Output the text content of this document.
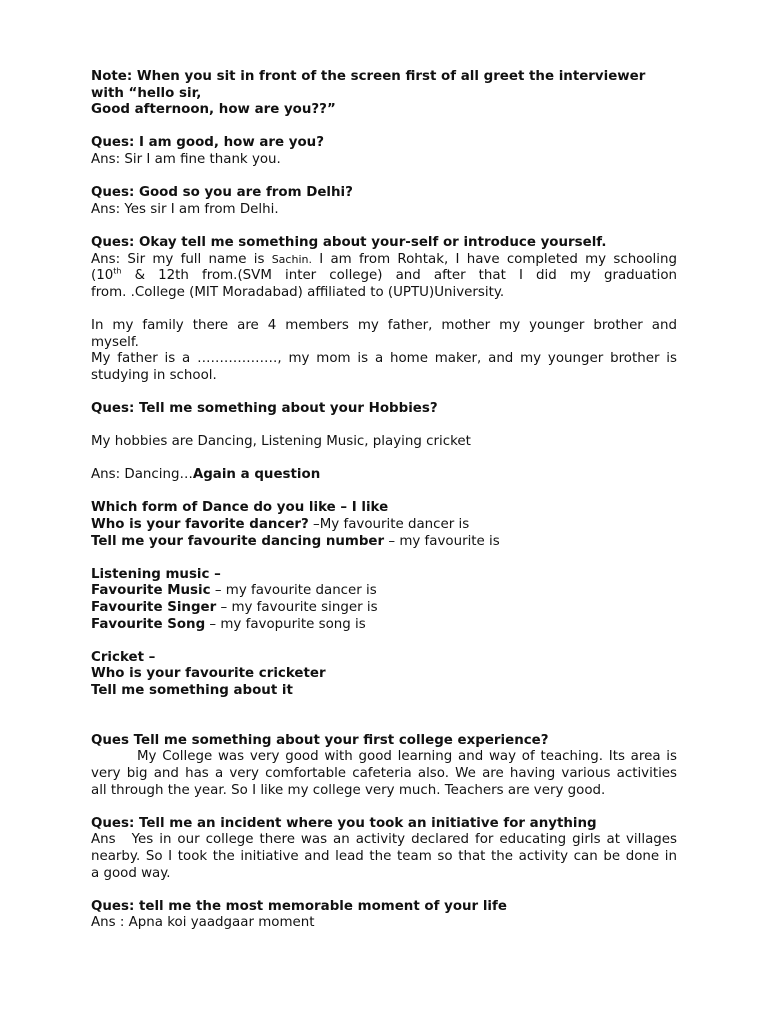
Note: When you sit in front of the screen first of all greet the interviewer
with “hello sir,
Good afternoon, how are you??”
Ques: I am good, how are you?
Ans: Sir I am fine thank you.
Ques: Good so you are from Delhi?
Ans: Yes sir I am from Delhi.
Ques: Okay tell me something about your-self or introduce yourself.
Ans: Sir my full name is Sachin. I am from Rohtak, I have completed my schooling
(10th & 12th from.(SVM inter college) and after that I did my graduation
from. .College (MIT Moradabad) affiliated to (UPTU)University.
In my family there are 4 members my father, mother my younger brother and
myself.
My father is a ………………, my mom is a home maker, and my younger brother is
studying in school.
Ques: Tell me something about your Hobbies?
My hobbies are Dancing, Listening Music, playing cricket
Ans: Dancing…Again a question
Which form of Dance do you like – I like
Who is your favorite dancer? –My favourite dancer is
Tell me your favourite dancing number – my favourite is
Listening music –
Favourite Music – my favourite dancer is
Favourite Singer – my favourite singer is
Favourite Song – my favopurite song is
Cricket –
Who is your favourite cricketer
Tell me something about it
Ques Tell me something about your first college experience?
My College was very good with good learning and way of teaching. Its area is
very big and has a very comfortable cafeteria also. We are having various activities
all through the year. So I like my college very much. Teachers are very good.
Ques: Tell me an incident where you took an initiative for anything
Ans Yes in our college there was an activity declared for educating girls at villages
nearby. So I took the initiative and lead the team so that the activity can be done in
a good way.
Ques: tell me the most memorable moment of your life
Ans : Apna koi yaadgaar moment
